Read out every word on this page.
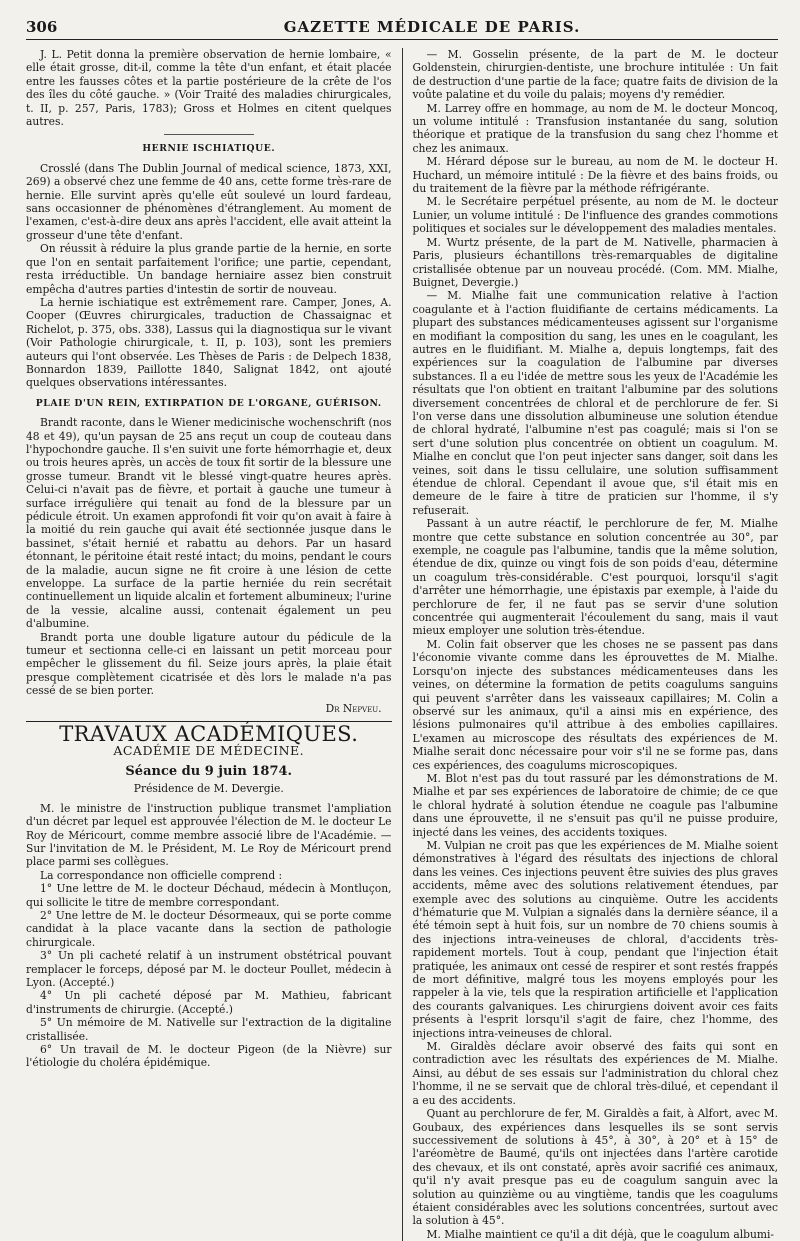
306	GAZETTE MÉDICALE DE PARIS.

J. L. Petit donna la première observation de hernie lombaire, « elle était grosse, dit-il, comme la tête d'un enfant, et était placée entre les fausses côtes et la partie postérieure de la crête de l'os des îles du côté gauche. » (Voir Traité des maladies chirurgicales, t. II, p. 257, Paris, 1783); Gross et Holmes en citent quelques autres.

HERNIE ISCHIATIQUE.

Crosslé (dans The Dublin Journal of medical science, 1873, XXI, 269) a observé chez une femme de 40 ans, cette forme très-rare de hernie. Elle survint après qu'elle eût soulevé un lourd fardeau, sans occasionner de phénomènes d'étranglement. Au moment de l'examen, c'est-à-dire deux ans après l'accident, elle avait atteint la grosseur d'une tête d'enfant.

On réussit à réduire la plus grande partie de la hernie, en sorte que l'on en sentait parfaitement l'orifice; une partie, cependant, resta irréductible. Un bandage herniaire assez bien construit empêcha d'autres parties d'intestin de sortir de nouveau.

La hernie ischiatique est extrêmement rare. Camper, Jones, A. Cooper (Œuvres chirurgicales, traduction de Chassaignac et Richelot, p. 375, obs. 338), Lassus qui la diagnostiqua sur le vivant (Voir Pathologie chirurgicale, t. II, p. 103), sont les premiers auteurs qui l'ont observée. Les Thèses de Paris : de Delpech 1838, Bonnardon 1839, Paillotte 1840, Salignat 1842, ont ajouté quelques observations intéressantes.

PLAIE D'UN REIN, EXTIRPATION DE L'ORGANE, GUÉRISON.

Brandt raconte, dans le Wiener medicinische wochenschrift (nos 48 et 49), qu'un paysan de 25 ans reçut un coup de couteau dans l'hypochondre gauche. Il s'en suivit une forte hémorrhagie et, deux ou trois heures après, un accès de toux fit sortir de la blessure une grosse tumeur. Brandt vit le blessé vingt-quatre heures après. Celui-ci n'avait pas de fièvre, et portait à gauche une tumeur à surface irrégulière qui tenait au fond de la blessure par un pédicule étroit. Un examen approfondi fit voir qu'on avait à faire à la moitié du rein gauche qui avait été sectionnée jusque dans le bassinet, s'était hernié et rabattu au dehors. Par un hasard étonnant, le péritoine était resté intact; du moins, pendant le cours de la maladie, aucun signe ne fit croire à une lésion de cette enveloppe. La surface de la partie herniée du rein secrétait continuellement un liquide alcalin et fortement albumineux; l'urine de la vessie, alcaline aussi, contenait également un peu d'albumine.

Brandt porta une double ligature autour du pédicule de la tumeur et sectionna celle-ci en laissant un petit morceau pour empêcher le glissement du fil. Seize jours après, la plaie était presque complètement cicatrisée et dès lors le malade n'a pas cessé de se bien porter.

Dr Nepveu.
TRAVAUX ACADÉMIQUES.
ACADÉMIE DE MÉDECINE.
Séance du 9 juin 1874.
Présidence de M. Devergie.

M. le ministre de l'instruction publique transmet l'ampliation d'un décret par lequel est approuvée l'élection de M. le docteur Le Roy de Méricourt, comme membre associé libre de l'Académie. — Sur l'invitation de M. le Président, M. Le Roy de Méricourt prend place parmi ses collègues.

La correspondance non officielle comprend :

1° Une lettre de M. le docteur Déchaud, médecin à Montluçon, qui sollicite le titre de membre correspondant.

2° Une lettre de M. le docteur Désormeaux, qui se porte comme candidat à la place vacante dans la section de pathologie chirurgicale.

3° Un pli cacheté relatif à un instrument obstétrical pouvant remplacer le forceps, déposé par M. le docteur Poullet, médecin à Lyon. (Accepté.)

4° Un pli cacheté déposé par M. Mathieu, fabricant d'instruments de chirurgie. (Accepté.)

5° Un mémoire de M. Nativelle sur l'extraction de la digitaline cristallisée.

6° Un travail de M. le docteur Pigeon (de la Nièvre) sur l'étiologie du choléra épidémique.

— M. Gosselin présente, de la part de M. le docteur Goldenstein, chirurgien-dentiste, une brochure intitulée : Un fait de destruction d'une partie de la face; quatre faits de division de la voûte palatine et du voile du palais; moyens d'y remédier.

M. Larrey offre en hommage, au nom de M. le docteur Moncoq, un volume intitulé : Transfusion instantanée du sang, solution théorique et pratique de la transfusion du sang chez l'homme et chez les animaux.

M. Hérard dépose sur le bureau, au nom de M. le docteur H. Huchard, un mémoire intitulé : De la fièvre et des bains froids, ou du traitement de la fièvre par la méthode réfrigérante.

M. le Secrétaire perpétuel présente, au nom de M. le docteur Lunier, un volume intitulé : De l'influence des grandes commotions politiques et sociales sur le développement des maladies mentales.

M. Wurtz présente, de la part de M. Nativelle, pharmacien à Paris, plusieurs échantillons très-remarquables de digitaline cristallisée obtenue par un nouveau procédé. (Com. MM. Mialhe, Buignet, Devergie.)

— M. Mialhe fait une communication relative à l'action coagulante et à l'action fluidifiante de certains médicaments. La plupart des substances médicamenteuses agissent sur l'organisme en modifiant la composition du sang, les unes en le coagulant, les autres en le fluidifiant. M. Mialhe a, depuis longtemps, fait des expériences sur la coagulation de l'albumine par diverses substances. Il a eu l'idée de mettre sous les yeux de l'Académie les résultats que l'on obtient en traitant l'albumine par des solutions diversement concentrées de chloral et de perchlorure de fer. Si l'on verse dans une dissolution albumineuse une solution étendue de chloral hydraté, l'albumine n'est pas coagulé; mais si l'on se sert d'une solution plus concentrée on obtient un coagulum. M. Mialhe en conclut que l'on peut injecter sans danger, soit dans les veines, soit dans le tissu cellulaire, une solution suffisamment étendue de chloral. Cependant il avoue que, s'il était mis en demeure de le faire à titre de praticien sur l'homme, il s'y refuserait.

Passant à un autre réactif, le perchlorure de fer, M. Mialhe montre que cette substance en solution concentrée au 30°, par exemple, ne coagule pas l'albumine, tandis que la même solution, étendue de dix, quinze ou vingt fois de son poids d'eau, détermine un coagulum très-considérable. C'est pourquoi, lorsqu'il s'agit d'arrêter une hémorrhagie, une épistaxis par exemple, à l'aide du perchlorure de fer, il ne faut pas se servir d'une solution concentrée qui augmenterait l'écoulement du sang, mais il vaut mieux employer une solution très-étendue.

M. Colin fait observer que les choses ne se passent pas dans l'économie vivante comme dans les éprouvettes de M. Mialhe. Lorsqu'on injecte des substances médicamenteuses dans les veines, on détermine la formation de petits coagulums sanguins qui peuvent s'arrêter dans les vaisseaux capillaires; M. Colin a observé sur les animaux, qu'il a ainsi mis en expérience, des lésions pulmonaires qu'il attribue à des embolies capillaires. L'examen au microscope des résultats des expériences de M. Mialhe serait donc nécessaire pour voir s'il ne se forme pas, dans ces expériences, des coagulums microscopiques.

M. Blot n'est pas du tout rassuré par les démonstrations de M. Mialhe et par ses expériences de laboratoire de chimie; de ce que le chloral hydraté à solution étendue ne coagule pas l'albumine dans une éprouvette, il ne s'ensuit pas qu'il ne puisse produire, injecté dans les veines, des accidents toxiques.

M. Vulpian ne croit pas que les expériences de M. Mialhe soient démonstratives à l'égard des résultats des injections de chloral dans les veines. Ces injections peuvent être suivies des plus graves accidents, même avec des solutions relativement étendues, par exemple avec des solutions au cinquième. Outre les accidents d'hématurie que M. Vulpian a signalés dans la dernière séance, il a été témoin sept à huit fois, sur un nombre de 70 chiens soumis à des injections intra-veineuses de chloral, d'accidents très-rapidement mortels. Tout à coup, pendant que l'injection était pratiquée, les animaux ont cessé de respirer et sont restés frappés de mort définitive, malgré tous les moyens employés pour les rappeler à la vie, tels que la respiration artificielle et l'application des courants galvaniques. Les chirurgiens doivent avoir ces faits présents à l'esprit lorsqu'il s'agit de faire, chez l'homme, des injections intra-veineuses de chloral.

M. Giraldès déclare avoir observé des faits qui sont en contradiction avec les résultats des expériences de M. Mialhe. Ainsi, au début de ses essais sur l'administration du chloral chez l'homme, il ne se servait que de chloral très-dilué, et cependant il a eu des accidents.

Quant au perchlorure de fer, M. Giraldès a fait, à Alfort, avec M. Goubaux, des expériences dans lesquelles ils se sont servis successivement de solutions à 45°, à 30°, à 20° et à 15° de l'aréomètre de Baumé, qu'ils ont injectées dans l'artère carotide des chevaux, et ils ont constaté, après avoir sacrifié ces animaux, qu'il n'y avait presque pas eu de coagulum sanguin avec la solution au quinzième ou au vingtième, tandis que les coagulums étaient considérables avec les solutions concentrées, surtout avec la solution à 45°.

M. Mialhe maintient ce qu'il a dit déjà, que le coagulum albumi-
